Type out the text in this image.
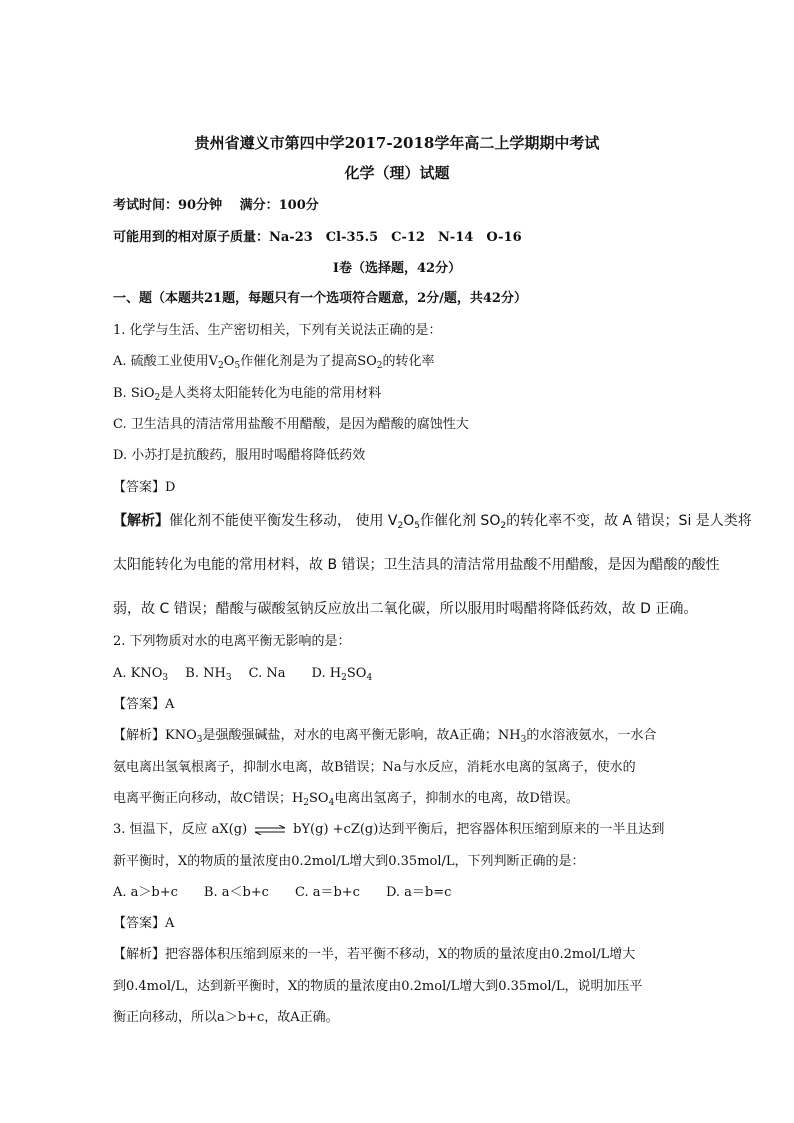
贵州省遵义市第四中学2017-2018学年高二上学期期中考试
化学（理）试题
考试时间：90分钟　 满分：100分
可能用到的相对原子质量：Na-23　Cl-35.5　C-12　N-14　O-16
I卷（选择题，42分）
一、题（本题共21题，每题只有一个选项符合题意，2分/题，共42分）
1. 化学与生活、生产密切相关，下列有关说法正确的是：
A. 硫酸工业使用$V_2O_5$作催化剂是为了提高$SO_2$的转化率
B. SiO$_2$是人类将太阳能转化为电能的常用材料
C. 卫生洁具的清洁常用盐酸不用醋酸，是因为醋酸的腐蚀性大
D. 小苏打是抗酸药，服用时喝醋将降低药效
【答案】D
【解析】催化剂不能使平衡发生移动， 使用 $V_2O_5$作催化剂 $SO_2$的转化率不变，故 A 错误；Si 是人类将
太阳能转化为电能的常用材料，故 B 错误；卫生洁具的清洁常用盐酸不用醋酸，是因为醋酸的酸性
弱，故 C 错误；醋酸与碳酸氢钠反应放出二氧化碳，所以服用时喝醋将降低药效，故 D 正确。
2. 下列物质对水的电离平衡无影响的是：
A. $KNO_3$　 B. $NH_3$　 C. Na　　D. $H_2SO_4$
【答案】A
【解析】$KNO_3$是强酸强碱盐，对水的电离平衡无影响，故A正确；$NH_3$的水溶液氨水，一水合
氨电离出氢氧根离子，抑制水电离，故B错误；Na与水反应，消耗水电离的氢离子，使水的
电离平衡正向移动，故C错误；$H_2SO_4$电离出氢离子，抑制水的电离，故D错误。
3. 恒温下，反应 aX(g) ⇌ bY(g) +cZ(g)达到平衡后，把容器体积压缩到原来的一半且达到
新平衡时，X的物质的量浓度由0.2mol/L增大到0.35mol/L，下列判断正确的是：
A. a＞b+c　　B. a＜b+c　　C. a＝b+c　　D. a＝b=c
【答案】A
【解析】把容器体积压缩到原来的一半，若平衡不移动，X的物质的量浓度由0.2mol/L增大
到0.4mol/L，达到新平衡时，X的物质的量浓度由0.2mol/L增大到0.35mol/L，说明加压平
衡正向移动，所以a＞b+c，故A正确。
